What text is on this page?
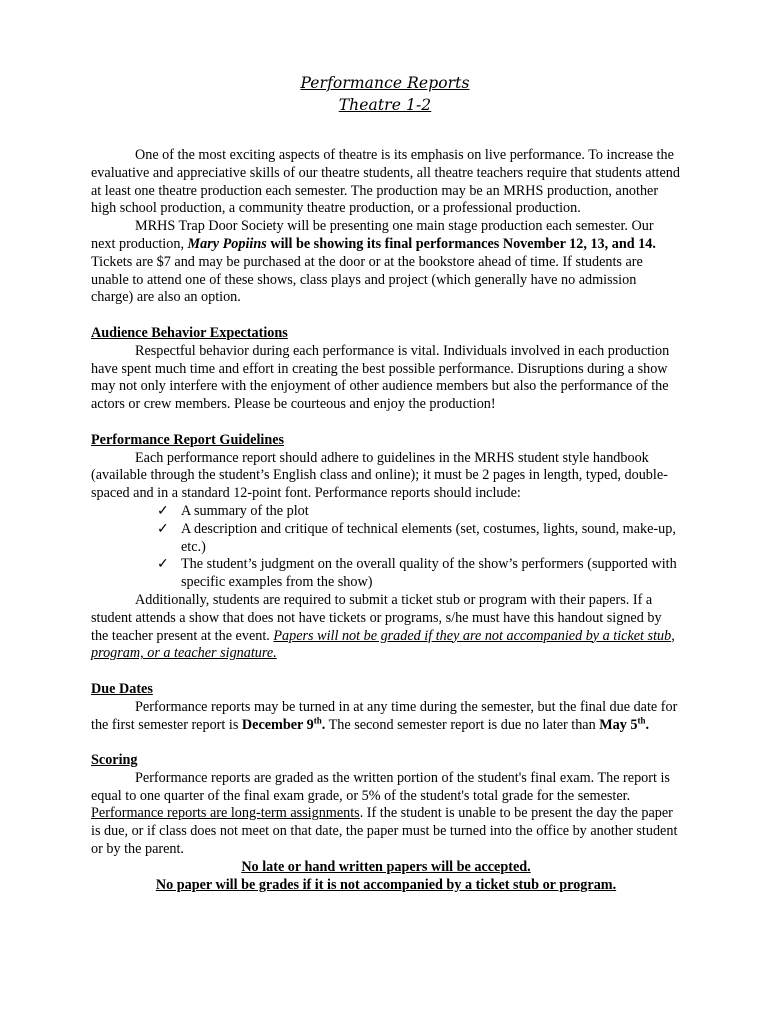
Performance Reports
Theatre 1-2

One of the most exciting aspects of theatre is its emphasis on live performance. To increase the evaluative and appreciative skills of our theatre students, all theatre teachers require that students attend at least one theatre production each semester. The production may be an MRHS production, another high school production, a community theatre production, or a professional production.

MRHS Trap Door Society will be presenting one main stage production each semester. Our next production, Mary Popiins will be showing its final performances November 12, 13, and 14. Tickets are $7 and may be purchased at the door or at the bookstore ahead of time. If students are unable to attend one of these shows, class plays and project (which generally have no admission charge) are also an option.

Audience Behavior Expectations

Respectful behavior during each performance is vital. Individuals involved in each production have spent much time and effort in creating the best possible performance. Disruptions during a show may not only interfere with the enjoyment of other audience members but also the performance of the actors or crew members. Please be courteous and enjoy the production!

Performance Report Guidelines

Each performance report should adhere to guidelines in the MRHS student style handbook (available through the student’s English class and online); it must be 2 pages in length, typed, double-spaced and in a standard 12-point font. Performance reports should include:

✓ A summary of the plot
✓ A description and critique of technical elements (set, costumes, lights, sound, make-up, etc.)
✓ The student’s judgment on the overall quality of the show’s performers (supported with specific examples from the show)

Additionally, students are required to submit a ticket stub or program with their papers. If a student attends a show that does not have tickets or programs, s/he must have this handout signed by the teacher present at the event. Papers will not be graded if they are not accompanied by a ticket stub, program, or a teacher signature.

Due Dates

Performance reports may be turned in at any time during the semester, but the final due date for the first semester report is December 9th. The second semester report is due no later than May 5th.

Scoring

Performance reports are graded as the written portion of the student's final exam. The report is equal to one quarter of the final exam grade, or 5% of the student's total grade for the semester. Performance reports are long-term assignments. If the student is unable to be present the day the paper is due, or if class does not meet on that date, the paper must be turned into the office by another student or by the parent.

No late or hand written papers will be accepted.

No paper will be grades if it is not accompanied by a ticket stub or program.
